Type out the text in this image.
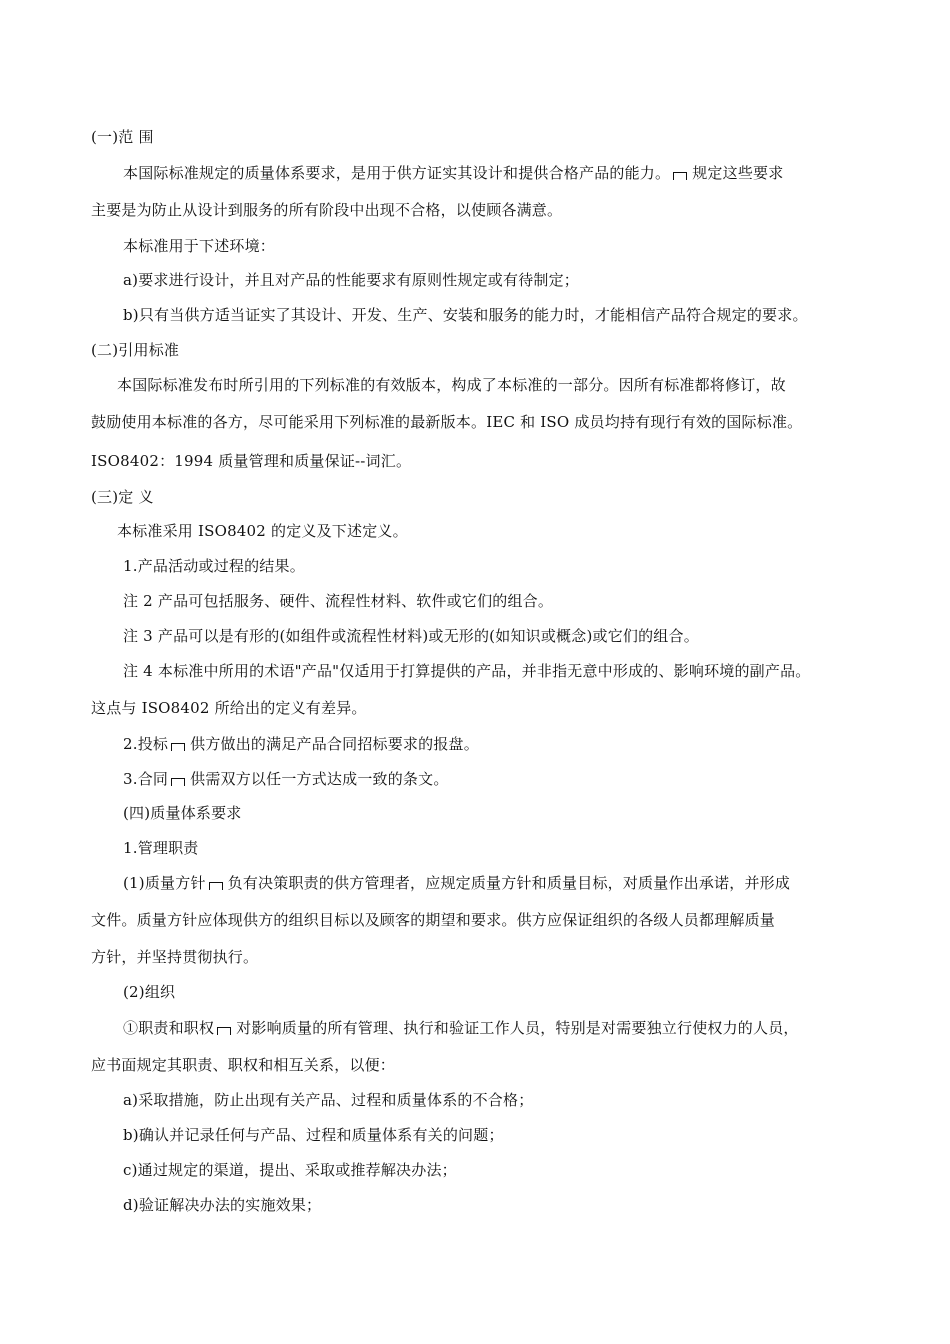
(一)范 围
本国际标准规定的质量体系要求，是用于供方证实其设计和提供合格产品的能力。 规定这些要求
主要是为防止从设计到服务的所有阶段中出现不合格，以使顾各满意。
本标准用于下述环境：
a)要求进行设计，并且对产品的性能要求有原则性规定或有待制定；
b)只有当供方适当证实了其设计、开发、生产、安装和服务的能力时，才能相信产品符合规定的要求。
(二)引用标准
本国际标准发布时所引用的下列标准的有效版本，构成了本标准的一部分。因所有标准都将修订，故
鼓励使用本标准的各方，尽可能采用下列标准的最新版本。IEC 和 ISO 成员均持有现行有效的国际标准。
ISO8402：1994 质量管理和质量保证--词汇。
(三)定 义
本标准采用 ISO8402 的定义及下述定义。
1.产品活动或过程的结果。
注 2 产品可包括服务、硬件、流程性材料、软件或它们的组合。
注 3 产品可以是有形的(如组件或流程性材料)或无形的(如知识或概念)或它们的组合。
注 4 本标准中所用的术语"产品"仅适用于打算提供的产品，并非指无意中形成的、影响环境的副产品。
这点与 ISO8402 所给出的定义有差异。
2.投标 供方做出的满足产品合同招标要求的报盘。
3.合同 供需双方以任一方式达成一致的条文。
(四)质量体系要求
1.管理职责
(1)质量方针 负有决策职责的供方管理者，应规定质量方针和质量目标，对质量作出承诺，并形成
文件。质量方针应体现供方的组织目标以及顾客的期望和要求。供方应保证组织的各级人员都理解质量
方针，并坚持贯彻执行。
(2)组织
①职责和职权 对影响质量的所有管理、执行和验证工作人员，特别是对需要独立行使权力的人员，
应书面规定其职责、职权和相互关系，以便：
a)采取措施，防止出现有关产品、过程和质量体系的不合格；
b)确认并记录任何与产品、过程和质量体系有关的问题；
c)通过规定的渠道，提出、采取或推荐解决办法；
d)验证解决办法的实施效果；
